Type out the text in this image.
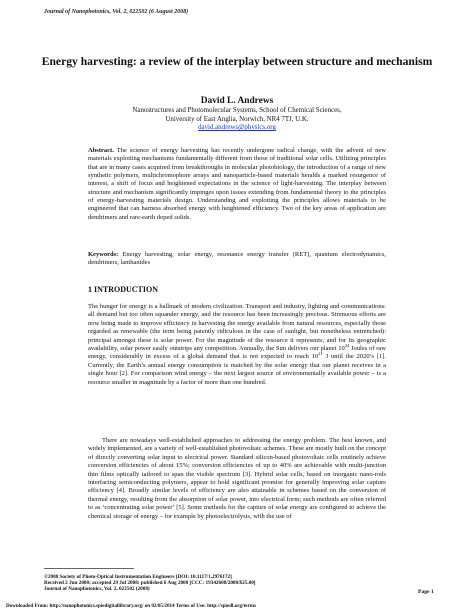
Journal of Nanophotonics, Vol. 2, 022502 (6 August 2008)
Energy harvesting: a review of the interplay between structure and mechanism
David L. Andrews
Nanostructures and Photomolecular Systems, School of Chemical Sciences,
University of East Anglia, Norwich, NR4 7TJ, U.K.
david.andrews@physics.org
Abstract. The science of energy harvesting has recently undergone radical change, with the advent of new materials exploiting mechanisms fundamentally different from those of traditional solar cells. Utilizing principles that are in many cases acquired from breakthroughs in molecular photobiology, the introduction of a range of new synthetic polymers, multichromophore arrays and nanoparticle-based materials heralds a marked resurgence of interest, a shift of focus and heightened expectations in the science of light-harvesting. The interplay between structure and mechanism significantly impinges upon issues extending from fundamental theory to the principles of energy-harvesting materials design. Understanding and exploiting the principles allows materials to be engineered that can harness absorbed energy with heightened efficiency. Two of the key areas of application are dendrimers and rare-earth doped solids.
Keywords: Energy harvesting, solar energy, resonance energy transfer (RET), quantum electrodynamics, dendrimers, lanthanides
1 INTRODUCTION
The hunger for energy is a hallmark of modern civilization. Transport and industry, lighting and communications: all demand but too often squander energy, and the resource has been increasingly precious. Strenuous efforts are now being made to improve efficiency in harvesting the energy available from natural resources, especially those regarded as renewable (the term being patently ridiculous in the case of sunlight, but nonetheless entrenched): principal amongst these is solar power. For the magnitude of the resource it represents, and for its geographic availability, solar power easily outstrips any competition. Annually, the Sun delivers our planet $10^{24}$ Joules of raw energy, considerably in excess of a global demand that is not expected to reach $10^{21}$ J until the 2020’s [1]. Currently, the Earth’s annual energy consumption is matched by the solar energy that our planet receives in a single hour [2]. For comparison wind energy – the next largest source of environmentally available power – is a resource smaller in magnitude by a factor of more than one hundred.
There are nowadays well-established approaches to addressing the energy problem. The best known, and widely implemented, are a variety of well-established photovoltaic schemes. These are mostly built on the concept of directly converting solar input to electrical power. Standard silicon-based photovoltaic cells routinely achieve conversion efficiencies of about 15%; conversion efficiencies of up to 40% are achievable with multi-junction thin films optically tailored to span the visible spectrum [3]. Hybrid solar cells, based on inorganic nano-rods interfacing semiconducting polymers, appear to hold significant promise for generally improving solar capture efficiency [4]. Broadly similar levels of efficiency are also attainable in schemes based on the conversion of thermal energy, resulting from the absorption of solar power, into electrical form; such methods are often referred to as ‘concentrating solar power’ [5]. Some methods for the capture of solar energy are configured to achieve the chemical storage of energy – for example by photoelectrolysis, with the use of
©2008 Society of Photo-Optical Instrumentation Engineers [DOI: 10.1117/1.2976172]
Received 2 Jun 2008; accepted 29 Jul 2008; published 6 Aug 2008 [CCC: 19342608/2008/$25.00]
Journal of Nanophotonics, Vol. 2, 022502 (2008)	Page 1
Downloaded From: http://nanophotonics.spiedigitallibrary.org/ on 02/05/2014 Terms of Use: http://spiedl.org/terms
